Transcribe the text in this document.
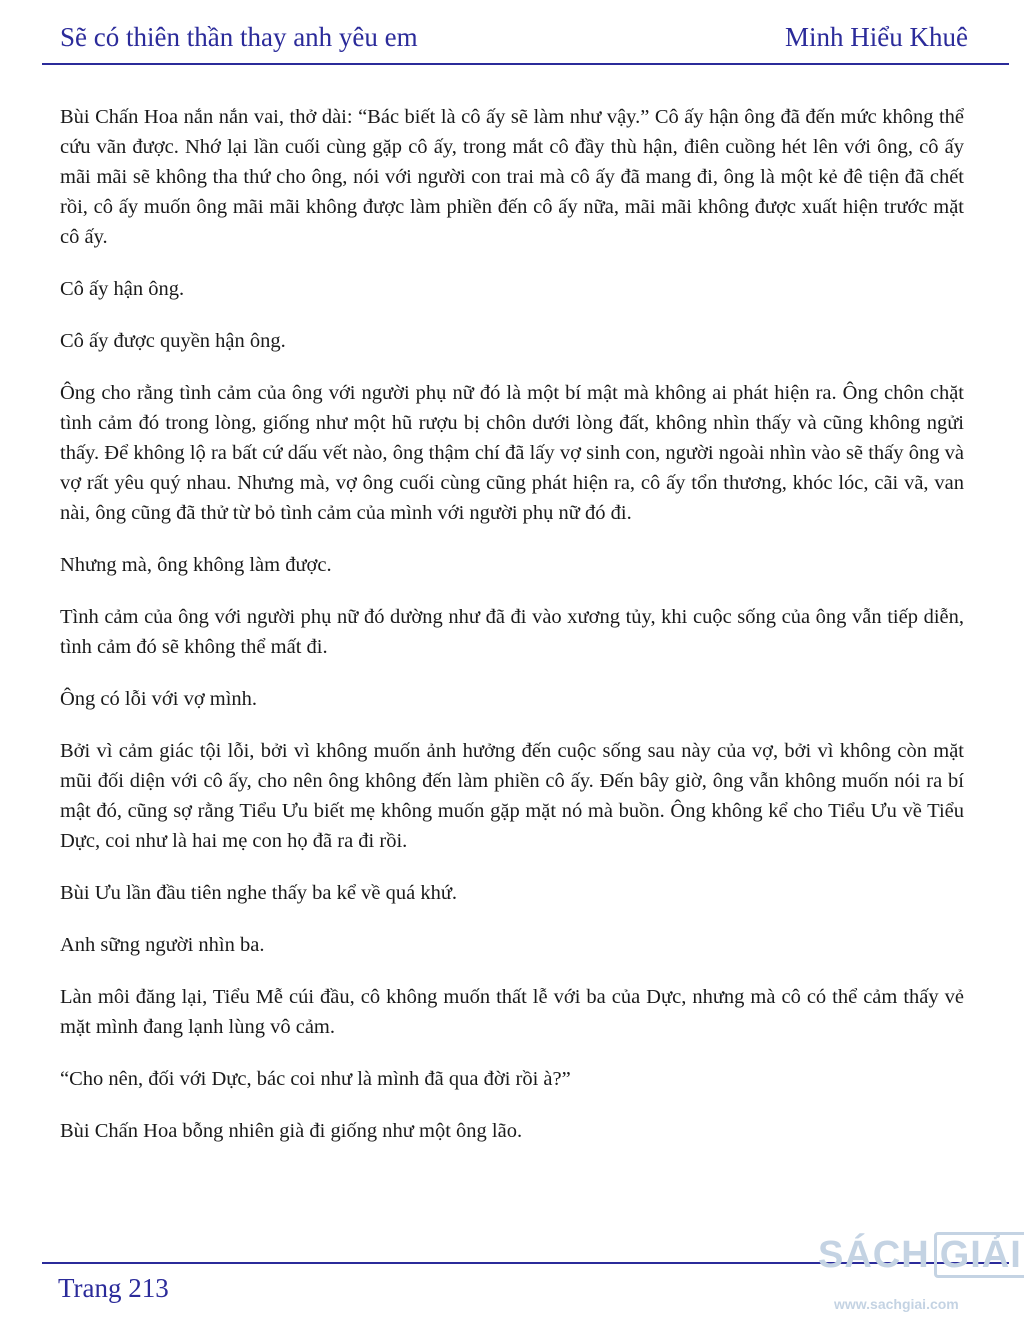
Sẽ có thiên thần thay anh yêu em	Minh Hiểu Khuê

Bùi Chấn Hoa nắn nắn vai, thở dài: “Bác biết là cô ấy sẽ làm như vậy.” Cô ấy hận ông đã đến mức không thể cứu vãn được. Nhớ lại lần cuối cùng gặp cô ấy, trong mắt cô đầy thù hận, điên cuồng hét lên với ông, cô ấy mãi mãi sẽ không tha thứ cho ông, nói với người con trai mà cô ấy đã mang đi, ông là một kẻ đê tiện đã chết rồi, cô ấy muốn ông mãi mãi không được làm phiền đến cô ấy nữa, mãi mãi không được xuất hiện trước mặt cô ấy.

Cô ấy hận ông.

Cô ấy được quyền hận ông.

Ông cho rằng tình cảm của ông với người phụ nữ đó là một bí mật mà không ai phát hiện ra. Ông chôn chặt tình cảm đó trong lòng, giống như một hũ rượu bị chôn dưới lòng đất, không nhìn thấy và cũng không ngửi thấy. Để không lộ ra bất cứ dấu vết nào, ông thậm chí đã lấy vợ sinh con, người ngoài nhìn vào sẽ thấy ông và vợ rất yêu quý nhau. Nhưng mà, vợ ông cuối cùng cũng phát hiện ra, cô ấy tổn thương, khóc lóc, cãi vã, van nài, ông cũng đã thử từ bỏ tình cảm của mình với người phụ nữ đó đi.

Nhưng mà, ông không làm được.

Tình cảm của ông với người phụ nữ đó dường như đã đi vào xương tủy, khi cuộc sống của ông vẫn tiếp diễn, tình cảm đó sẽ không thể mất đi.

Ông có lỗi với vợ mình.

Bởi vì cảm giác tội lỗi, bởi vì không muốn ảnh hưởng đến cuộc sống sau này của vợ, bởi vì không còn mặt mũi đối diện với cô ấy, cho nên ông không đến làm phiền cô ấy. Đến bây giờ, ông vẫn không muốn nói ra bí mật đó, cũng sợ rằng Tiểu Ưu biết mẹ không muốn gặp mặt nó mà buồn. Ông không kể cho Tiểu Ưu về Tiểu Dực, coi như là hai mẹ con họ đã ra đi rồi.

Bùi Ưu lần đầu tiên nghe thấy ba kể về quá khứ.

Anh sững người nhìn ba.

Làn môi đăng lại, Tiểu Mễ cúi đầu, cô không muốn thất lễ với ba của Dực, nhưng mà cô có thể cảm thấy vẻ mặt mình đang lạnh lùng vô cảm.

“Cho nên, đối với Dực, bác coi như là mình đã qua đời rồi à?”

Bùi Chấn Hoa bỗng nhiên già đi giống như một ông lão.

Trang 213
SÁCH GIẢI
www.sachgiai.com
